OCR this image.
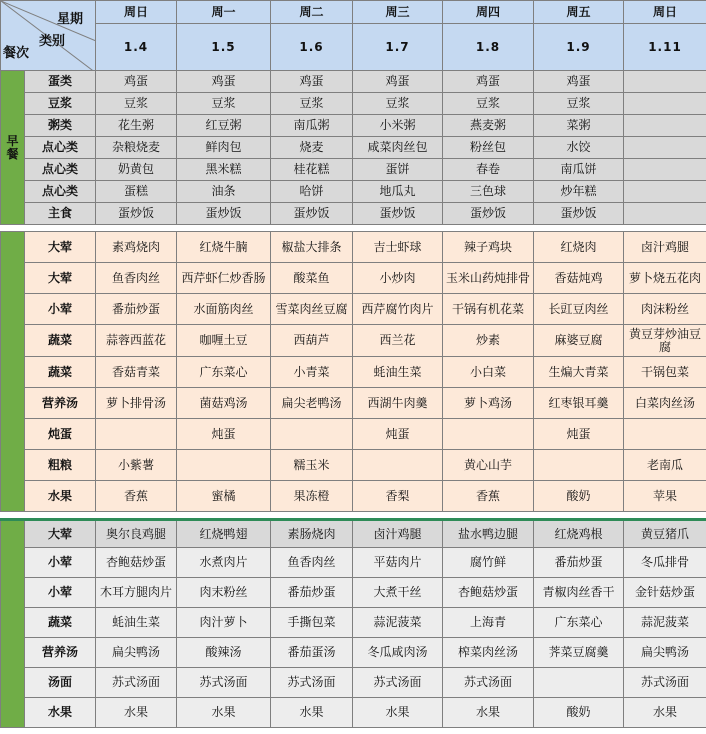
星期
类别
餐次		周日	周一	周二	周三	周四	周五	周日
		1.4	1.5	1.6	1.7	1.8	1.9	1.11
早餐	蛋类	鸡蛋	鸡蛋	鸡蛋	鸡蛋	鸡蛋	鸡蛋	
	豆浆	豆浆	豆浆	豆浆	豆浆	豆浆	豆浆	
	粥类	花生粥	红豆粥	南瓜粥	小米粥	燕麦粥	菜粥	
	点心类	杂粮烧麦	鲜肉包	烧麦	咸菜肉丝包	粉丝包	水饺	
	点心类	奶黄包	黑米糕	桂花糕	蛋饼	春卷	南瓜饼	
	点心类	蛋糕	油条	哈饼	地瓜丸	三色球	炒年糕	
	主食	蛋炒饭	蛋炒饭	蛋炒饭	蛋炒饭	蛋炒饭	蛋炒饭	

	大荤	素鸡烧肉	红烧牛腩	椒盐大排条	吉士虾球	辣子鸡块	红烧肉	卤汁鸡腿
	大荤	鱼香肉丝	西芹虾仁炒香肠	酸菜鱼	小炒肉	玉米山药炖排骨	香菇炖鸡	萝卜烧五花肉
	小荤	番茄炒蛋	水面筋肉丝	雪菜肉丝豆腐	西芹腐竹肉片	干锅有机花菜	长豇豆肉丝	肉沫粉丝
	蔬菜	蒜蓉西蓝花	咖喱土豆	西葫芦	西兰花	炒素	麻婆豆腐	黄豆芽炒油豆腐
	蔬菜	香菇青菜	广东菜心	小青菜	蚝油生菜	小白菜	生煸大青菜	干锅包菜
	营养汤	萝卜排骨汤	菌菇鸡汤	扁尖老鸭汤	西湖牛肉羹	萝卜鸡汤	红枣银耳羹	白菜肉丝汤
	炖蛋		炖蛋		炖蛋		炖蛋	
	粗粮	小紫薯		糯玉米		黄心山芋		老南瓜
	水果	香蕉	蜜橘	果冻橙	香梨	香蕉	酸奶	苹果

	大荤	奥尔良鸡腿	红烧鸭翅	素肠烧肉	卤汁鸡腿	盐水鸭边腿	红烧鸡根	黄豆猪爪
	小荤	杏鲍菇炒蛋	水煮肉片	鱼香肉丝	平菇肉片	腐竹鲜	番茄炒蛋	冬瓜排骨
	小荤	木耳方腿肉片	肉末粉丝	番茄炒蛋	大煮干丝	杏鲍菇炒蛋	青椒肉丝香干	金针菇炒蛋
	蔬菜	蚝油生菜	肉汁萝卜	手撕包菜	蒜泥菠菜	上海青	广东菜心	蒜泥菠菜
	营养汤	扁尖鸭汤	酸辣汤	番茄蛋汤	冬瓜咸肉汤	榨菜肉丝汤	荠菜豆腐羹	扁尖鸭汤
	汤面	苏式汤面	苏式汤面	苏式汤面	苏式汤面	苏式汤面		苏式汤面
	水果	水果	水果	水果	水果	水果	酸奶	水果
